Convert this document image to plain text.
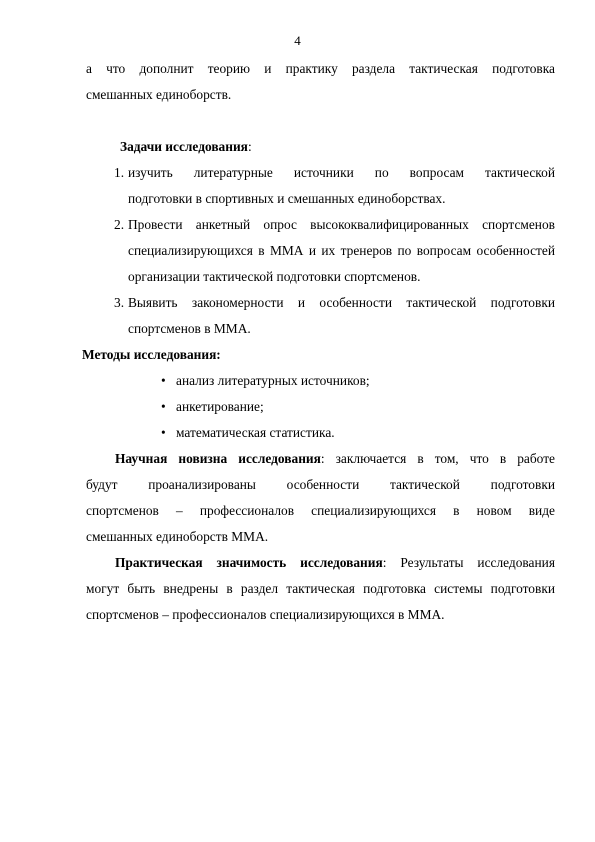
4

а что дополнит теорию и практику раздела тактическая подготовка

смешанных единоборств.

Задачи исследования:

1. изучить литературные источники по вопросам тактической
подготовки в спортивных и смешанных единоборствах.
2. Провести анкетный опрос высококвалифицированных спортсменов
специализирующихся в ММА и их тренеров по вопросам особенностей
организации тактической подготовки спортсменов.
3. Выявить закономерности и особенности тактической подготовки
спортсменов в ММА.

Методы исследования:

• анализ литературных источников;
• анкетирование;
• математическая статистика.

Научная новизна исследования: заключается в том, что в работе

будут проанализированы особенности тактической подготовки

спортсменов – профессионалов специализирующихся в новом виде

смешанных единоборств ММА.

Практическая значимость исследования: Результаты исследования

могут быть внедрены в раздел тактическая подготовка системы подготовки

спортсменов – профессионалов специализирующихся в ММА.
